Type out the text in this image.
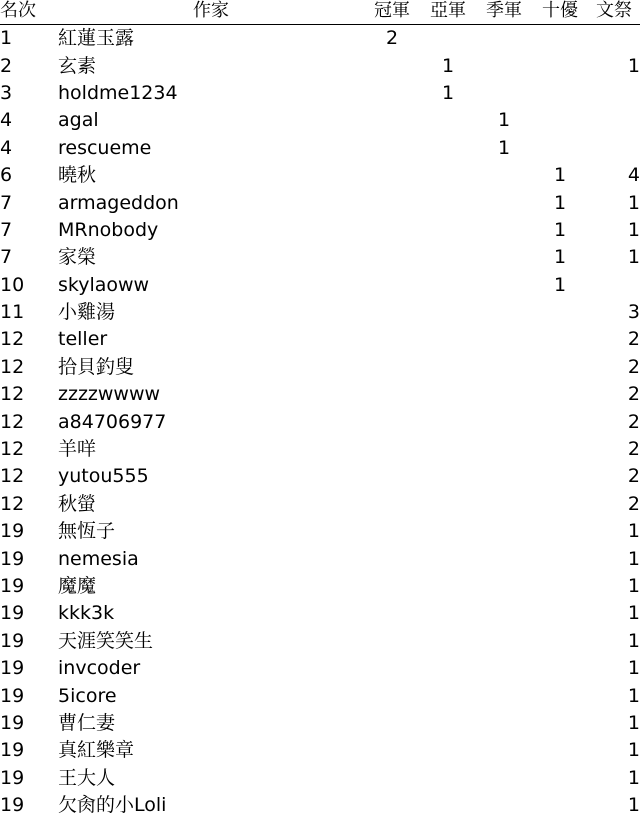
名次	作家	冠軍	亞軍	季軍	十優	文祭
1	紅蓮玉露	2				
2	玄素		1			1
3	holdme1234		1			
4	agal			1		
4	rescueme			1		
6	曉秋				1	4
7	armageddon				1	1
7	MRnobody				1	1
7	家榮				1	1
10	skylaoww				1	
11	小雞湯					3
12	teller					2
12	拾貝釣叟					2
12	zzzzwwww					2
12	a84706977					2
12	羊咩					2
12	yutou555					2
12	秋螢					2
19	無恆子					1
19	nemesia					1
19	魔魔					1
19	kkk3k					1
19	天涯笑笑生					1
19	invcoder					1
19	5icore					1
19	曹仁妻					1
19	真紅樂章					1
19	王大人					1
19	欠肏的小Loli					1
